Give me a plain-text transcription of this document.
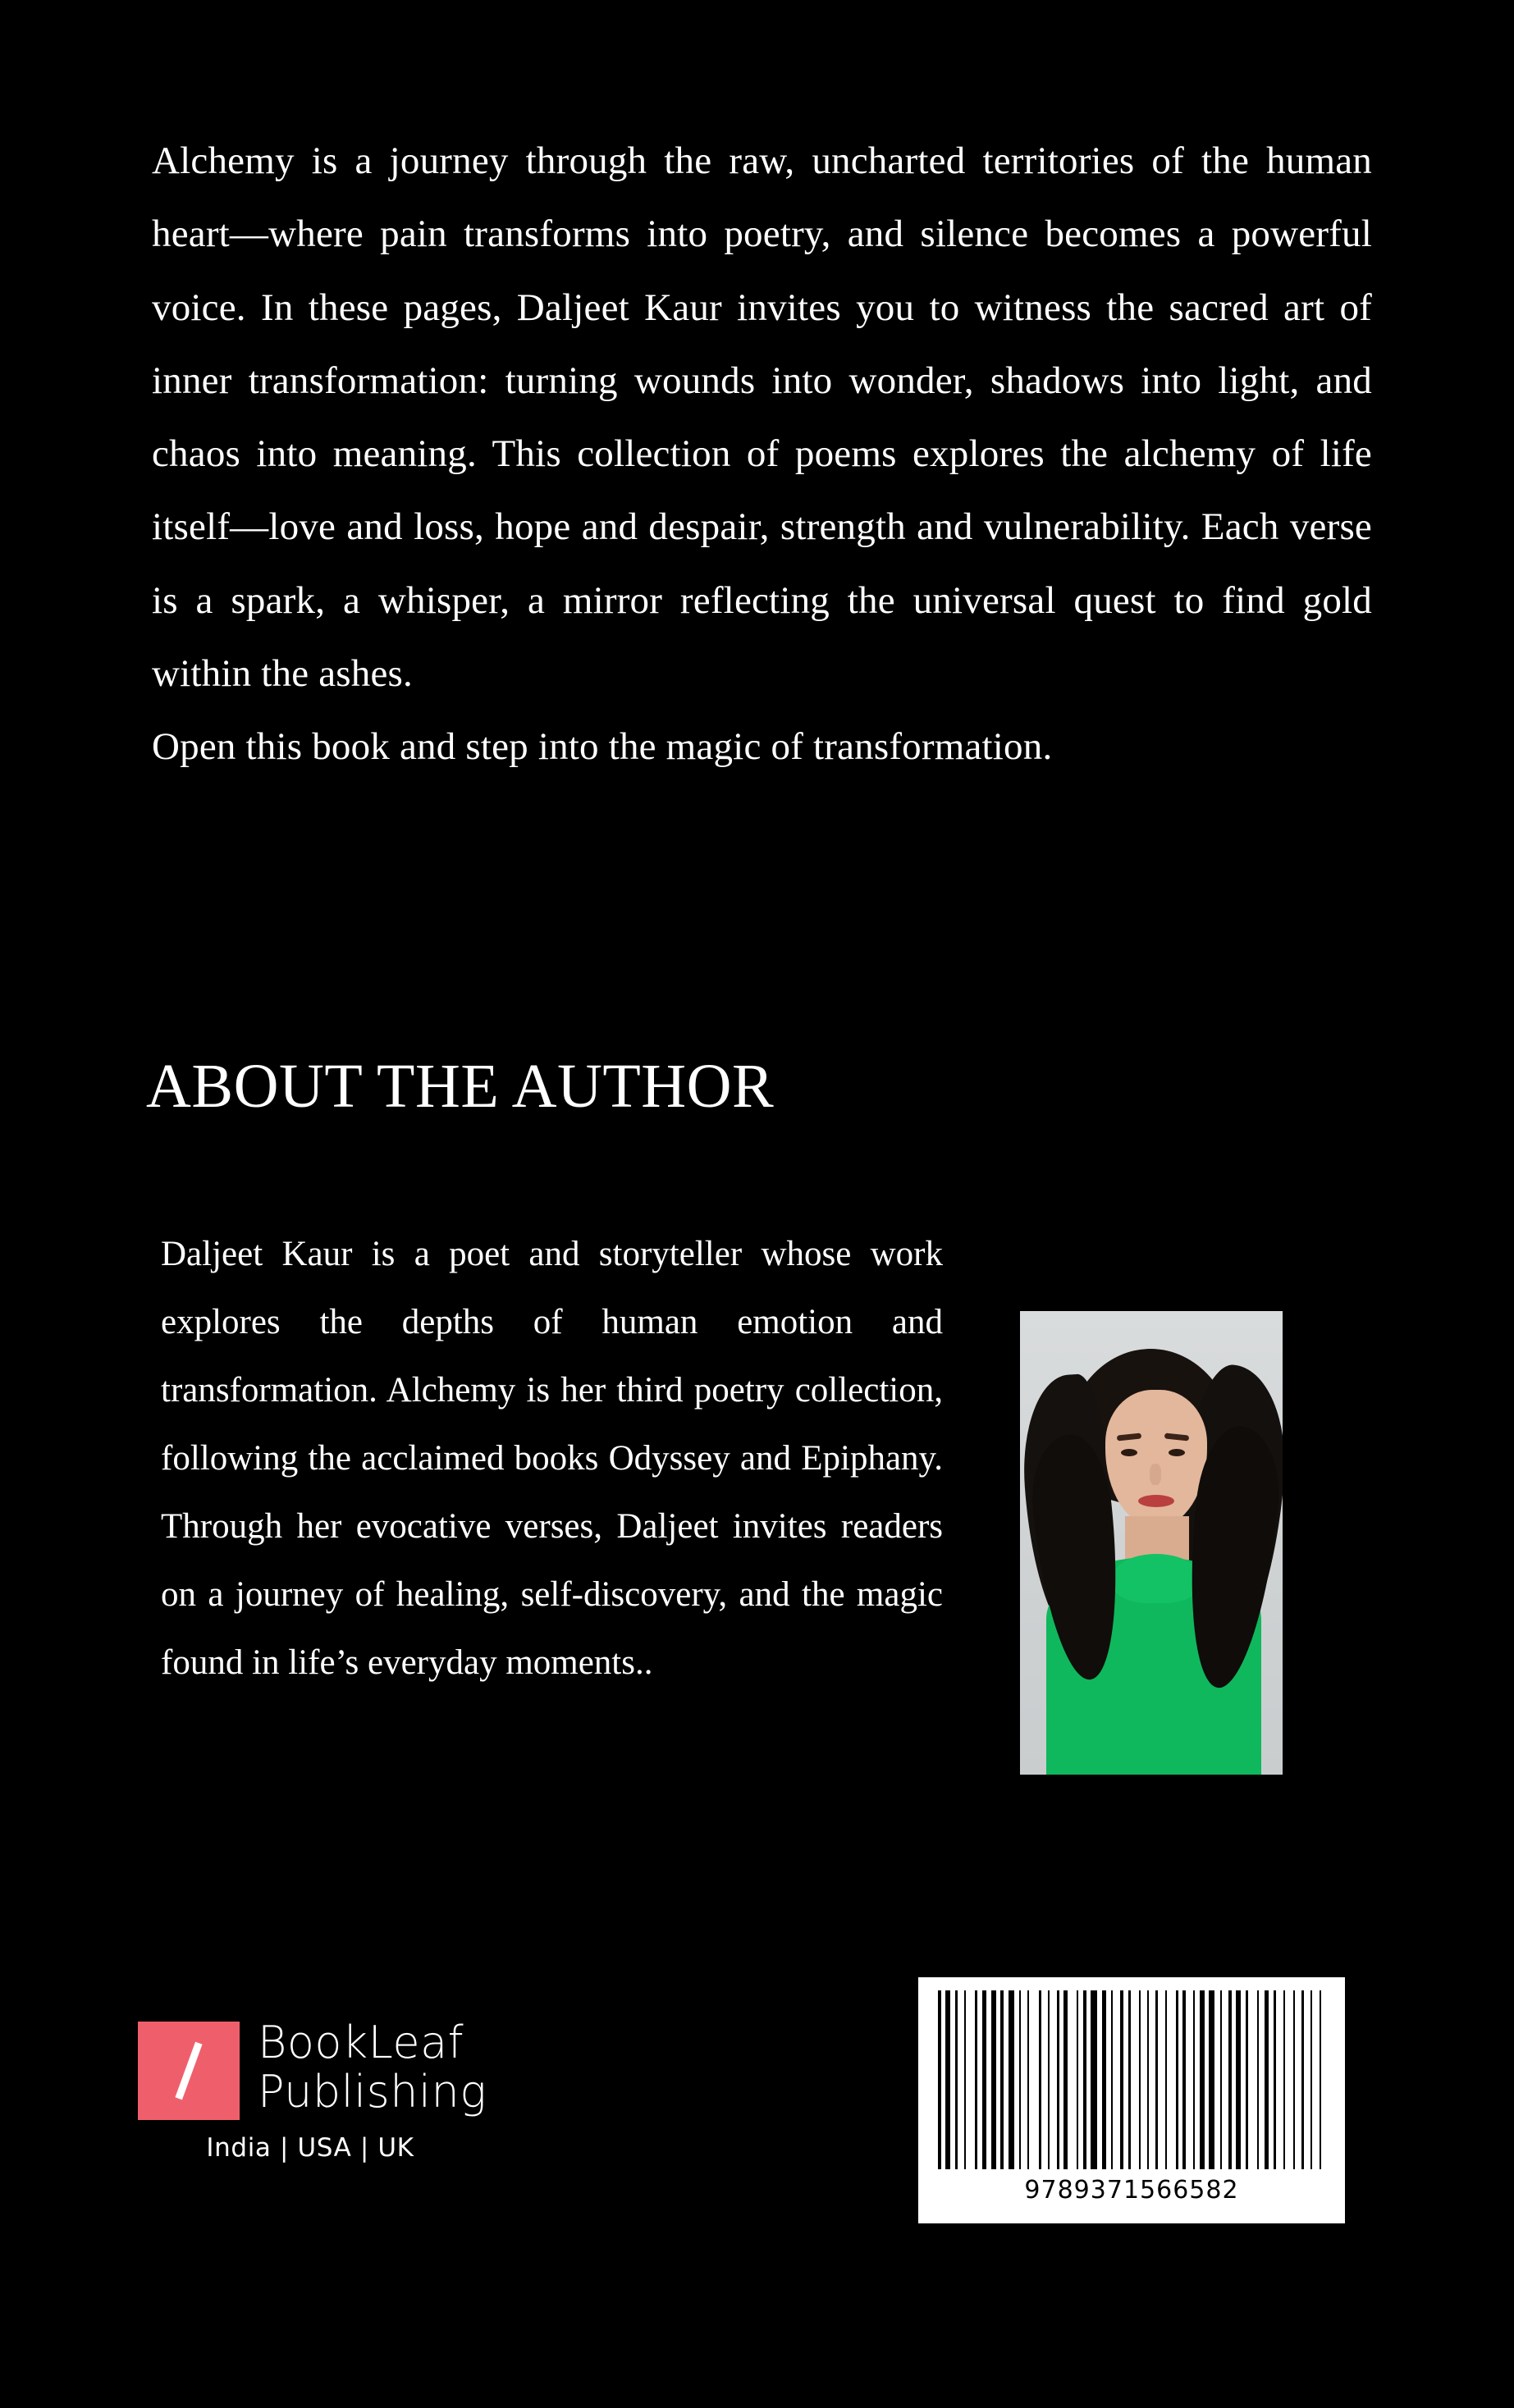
Alchemy is a journey through the raw, uncharted territories of the human heart—where pain transforms into poetry, and silence becomes a powerful voice. In these pages, Daljeet Kaur invites you to witness the sacred art of inner transformation: turning wounds into wonder, shadows into light, and chaos into meaning. This collection of poems explores the alchemy of life itself—love and loss, hope and despair, strength and vulnerability. Each verse is a spark, a whisper, a mirror reflecting the universal quest to find gold within the ashes.

Open this book and step into the magic of transformation.

ABOUT THE AUTHOR

Daljeet Kaur is a poet and storyteller whose work explores the depths of human emotion and transformation. Alchemy is her third poetry collection, following the acclaimed books Odyssey and Epiphany. Through her evocative verses, Daljeet invites readers on a journey of healing, self-discovery, and the magic found in life’s everyday moments..

BookLeaf
Publishing
India | USA | UK
9789371566582
